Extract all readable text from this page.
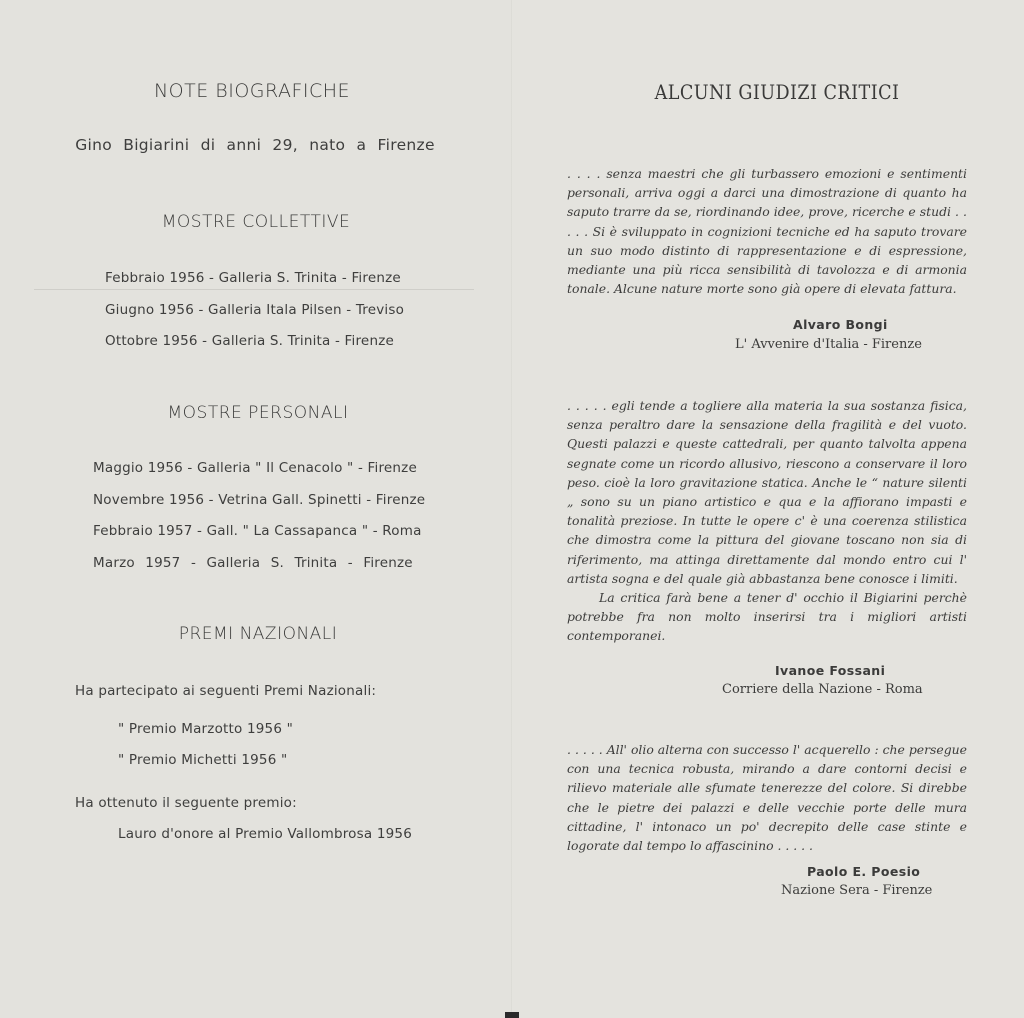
NOTE BIOGRAFICHE
Gino Bigiarini di anni 29, nato a Firenze
MOSTRE COLLETTIVE
Febbraio 1956 - Galleria S. Trinita - Firenze
Giugno 1956 - Galleria Itala Pilsen - Treviso
Ottobre 1956 - Galleria S. Trinita - Firenze
MOSTRE PERSONALI
Maggio 1956 - Galleria " Il Cenacolo " - Firenze
Novembre 1956 - Vetrina Gall. Spinetti - Firenze
Febbraio 1957 - Gall. " La Cassapanca " - Roma
Marzo 1957 - Galleria S. Trinita - Firenze
PREMI NAZIONALI
Ha partecipato ai seguenti Premi Nazionali:
" Premio Marzotto 1956 "
" Premio Michetti 1956 "
Ha ottenuto il seguente premio:
Lauro d'onore al Premio Vallombrosa 1956
ALCUNI GIUDIZI CRITICI

. . . . senza maestri che gli turbassero emozioni e sentimenti personali, arriva oggi a darci una dimostrazione di quanto ha saputo trarre da se, riordinando idee, prove, ricerche e studi . . . . . Si è sviluppato in cognizioni tecniche ed ha saputo trovare un suo modo distinto di rappresentazione e di espressione, mediante una più ricca sensibilità di tavolozza e di armonia tonale. Alcune nature morte sono già opere di elevata fattura.

Alvaro Bongi
L' Avvenire d'Italia - Firenze

. . . . . egli tende a togliere alla materia la sua sostanza fisica, senza peraltro dare la sensazione della fragilità e del vuoto. Questi palazzi e queste cattedrali, per quanto talvolta appena segnate come un ricordo allusivo, riescono a conservare il loro peso. cioè la loro gravitazione statica. Anche le “ nature silenti „ sono su un piano artistico e qua e la affiorano impasti e tonalità preziose. In tutte le opere c' è una coerenza stilistica che dimostra come la pittura del giovane toscano non sia di riferimento, ma attinga direttamente dal mondo entro cui l' artista sogna e del quale già abbastanza bene conosce i limiti.

La critica farà bene a tener d' occhio il Bigiarini perchè potrebbe fra non molto inserirsi tra i migliori artisti contemporanei.

Ivanoe Fossani
Corriere della Nazione - Roma

. . . . . All' olio alterna con successo l' acquerello : che persegue con una tecnica robusta, mirando a dare contorni decisi e rilievo materiale alle sfumate tenerezze del colore. Si direbbe che le pietre dei palazzi e delle vecchie porte delle mura cittadine, l' intonaco un po' decrepito delle case stinte e logorate dal tempo lo affascinino . . . . .

Paolo E. Poesio
Nazione Sera - Firenze
